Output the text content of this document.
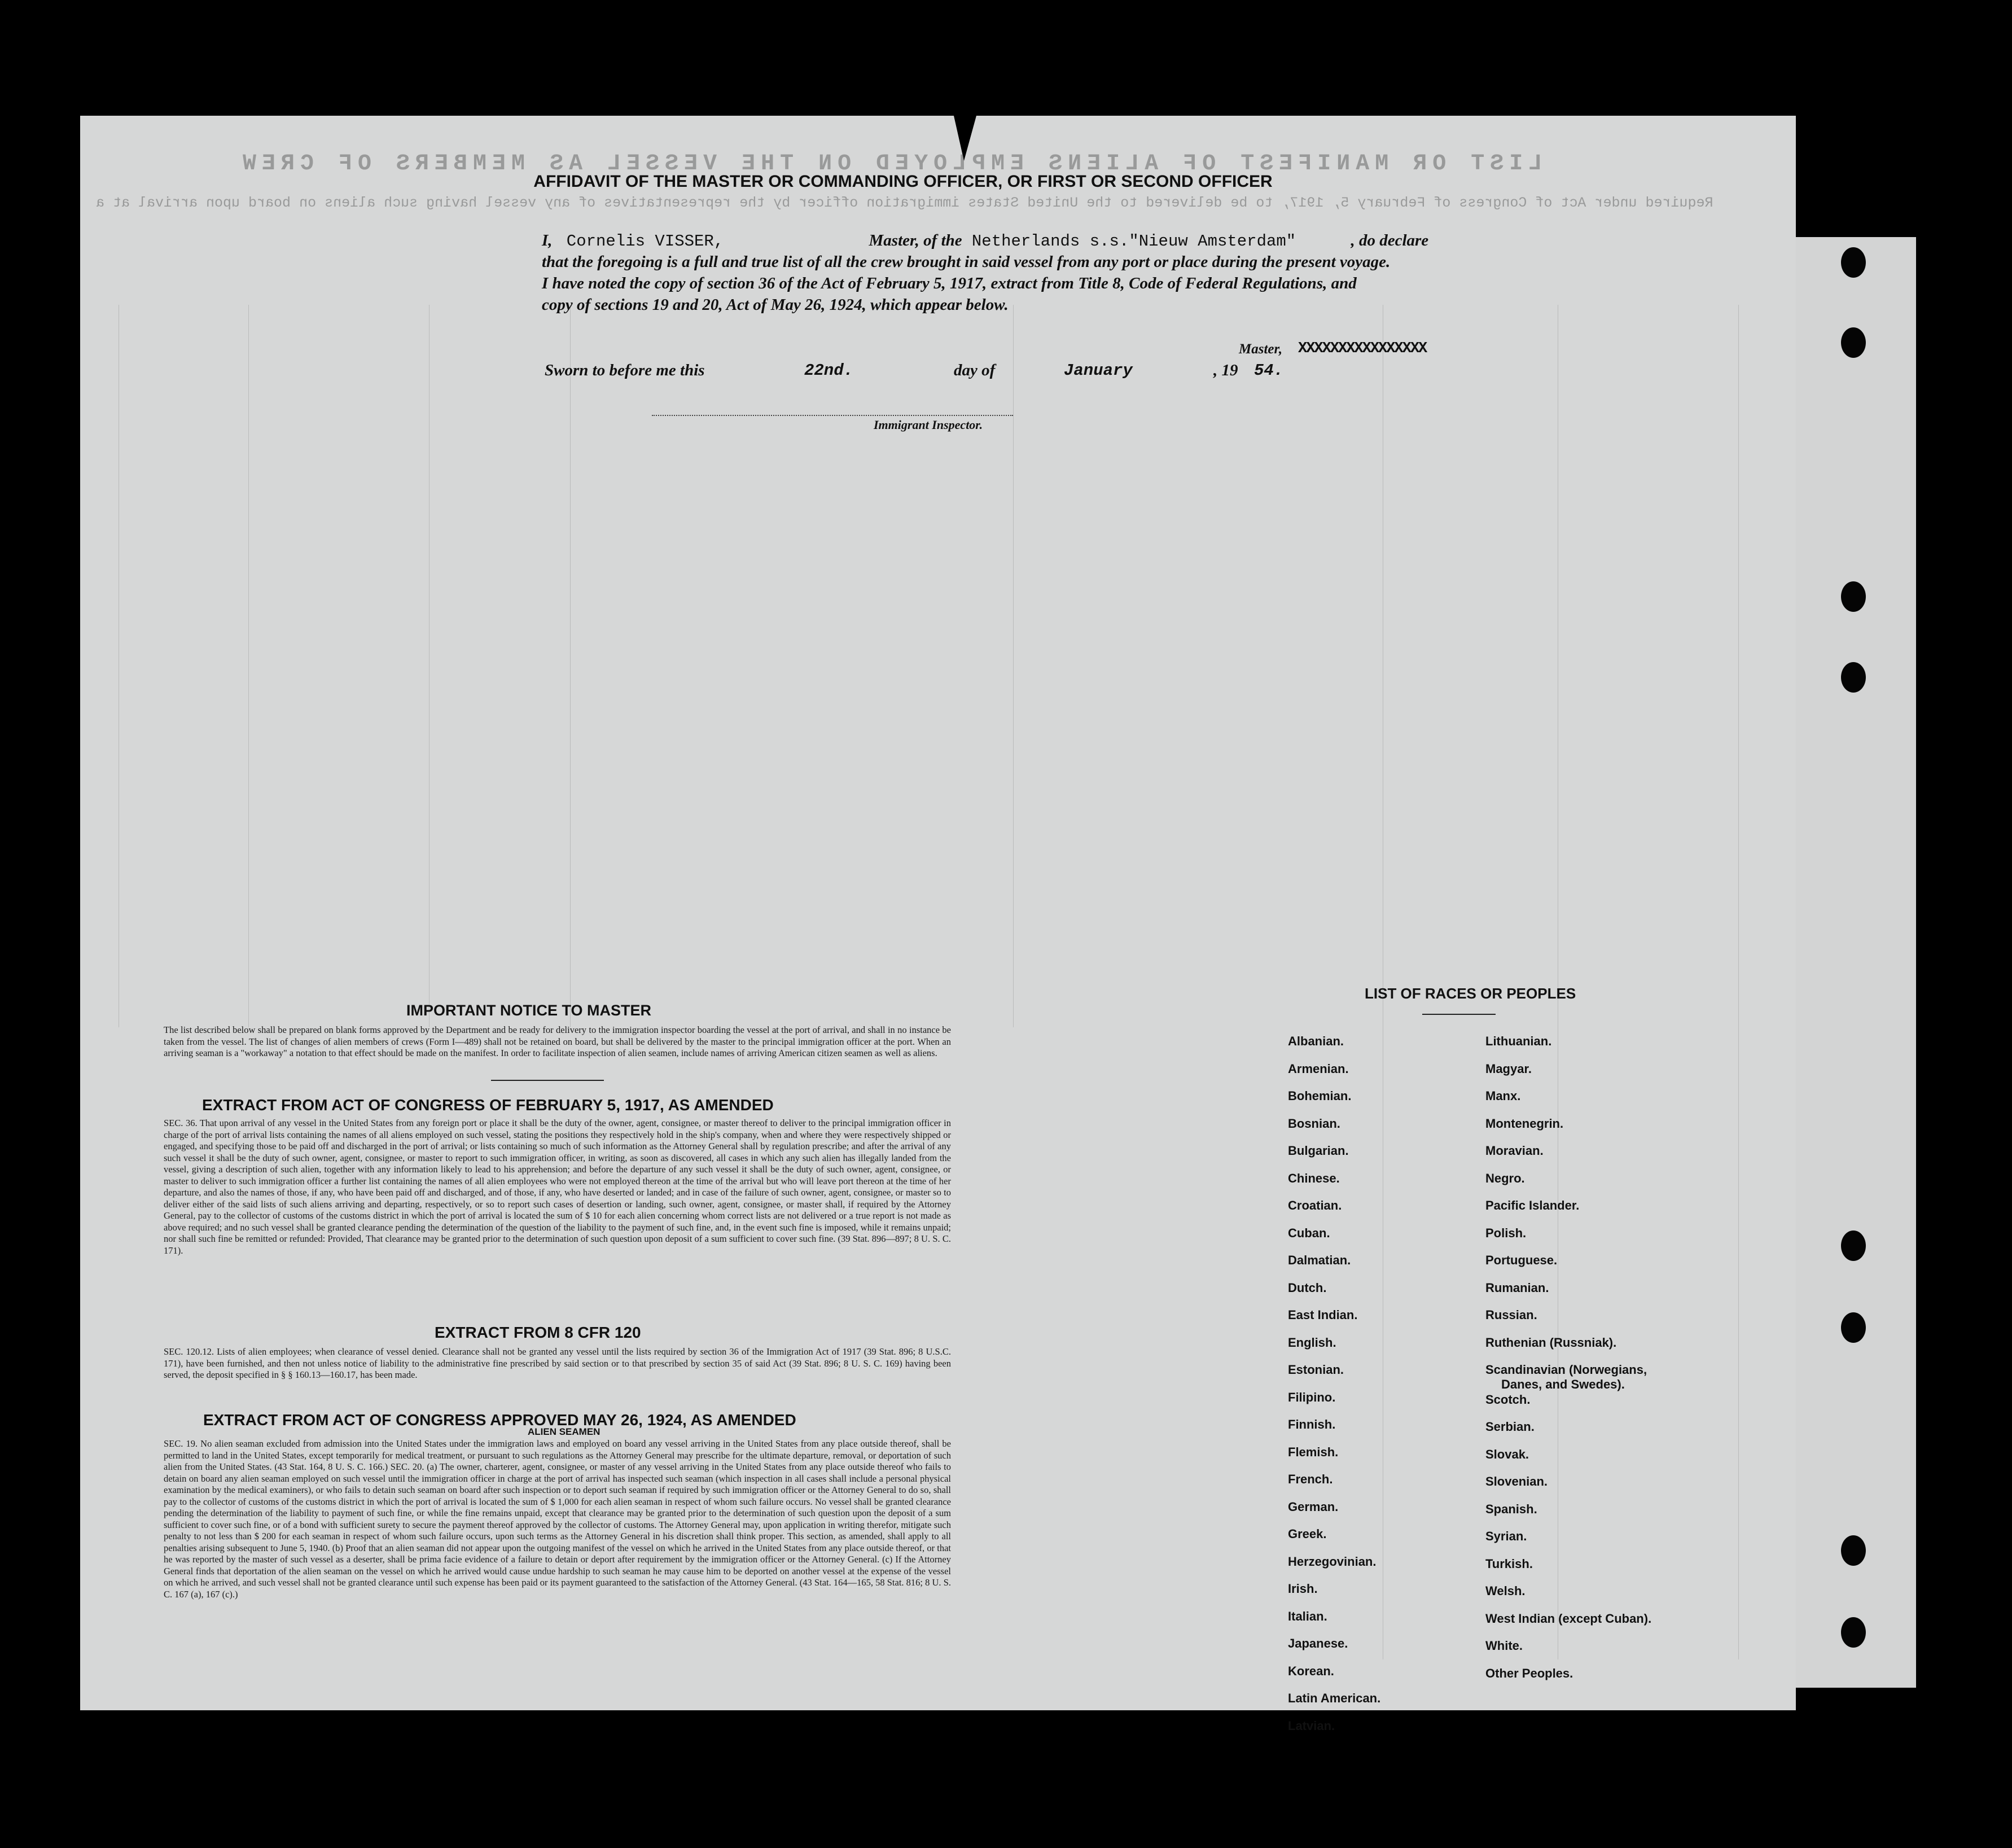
LIST OR MANIFEST OF ALIENS EMPLOYED ON THE VESSEL AS MEMBERS OF CREW
Required under Act of Congress of February 5, 1917, to be delivered to the United States immigration officer by the representatives of any vessel having such aliens on board upon arrival at a
AFFIDAVIT OF THE MASTER OR COMMANDING OFFICER, OR FIRST OR SECOND OFFICER
I, Cornelis VISSER,	Master, of the Netherlands s.s."Nieuw Amsterdam"	, do declare
that the foregoing is a full and true list of all the crew brought in said vessel from any port or place during the present voyage.
I have noted the copy of section 36 of the Act of February 5, 1917, extract from Title 8, Code of Federal Regulations, and
copy of sections 19 and 20, Act of May 26, 1924, which appear below.
Master, XXXXXXXXXXXXXXXX
Sworn to before me this	22nd.	day of	January	, 19 54.
Immigrant Inspector.
IMPORTANT NOTICE TO MASTER
The list described below shall be prepared on blank forms approved by the Department and be ready for delivery to the immigration inspector boarding the vessel at the port of arrival, and shall in no instance be taken from the vessel. The list of changes of alien members of crews (Form I—489) shall not be retained on board, but shall be delivered by the master to the principal immigration officer at the port. When an arriving seaman is a "workaway" a notation to that effect should be made on the manifest. In order to facilitate inspection of alien seamen, include names of arriving American citizen seamen as well as aliens.
EXTRACT FROM ACT OF CONGRESS OF FEBRUARY 5, 1917, AS AMENDED
SEC. 36. That upon arrival of any vessel in the United States from any foreign port or place it shall be the duty of the owner, agent, consignee, or master thereof to deliver to the principal immigration officer in charge of the port of arrival lists containing the names of all aliens employed on such vessel, stating the positions they respectively hold in the ship's company, when and where they were respectively shipped or engaged, and specifying those to be paid off and discharged in the port of arrival; or lists containing so much of such information as the Attorney General shall by regulation prescribe; and after the arrival of any such vessel it shall be the duty of such owner, agent, consignee, or master to report to such immigration officer, in writing, as soon as discovered, all cases in which any such alien has illegally landed from the vessel, giving a description of such alien, together with any information likely to lead to his apprehension; and before the departure of any such vessel it shall be the duty of such owner, agent, consignee, or master to deliver to such immigration officer a further list containing the names of all alien employees who were not employed thereon at the time of the arrival but who will leave port thereon at the time of her departure, and also the names of those, if any, who have been paid off and discharged, and of those, if any, who have deserted or landed; and in case of the failure of such owner, agent, consignee, or master so to deliver either of the said lists of such aliens arriving and departing, respectively, or so to report such cases of desertion or landing, such owner, agent, consignee, or master shall, if required by the Attorney General, pay to the collector of customs of the customs district in which the port of arrival is located the sum of $ 10 for each alien concerning whom correct lists are not delivered or a true report is not made as above required; and no such vessel shall be granted clearance pending the determination of the question of the liability to the payment of such fine, and, in the event such fine is imposed, while it remains unpaid; nor shall such fine be remitted or refunded: Provided, That clearance may be granted prior to the determination of such question upon deposit of a sum sufficient to cover such fine. (39 Stat. 896—897; 8 U. S. C. 171).
EXTRACT FROM 8 CFR 120
SEC. 120.12. Lists of alien employees; when clearance of vessel denied. Clearance shall not be granted any vessel until the lists required by section 36 of the Immigration Act of 1917 (39 Stat. 896; 8 U.S.C. 171), have been furnished, and then not unless notice of liability to the administrative fine prescribed by said section or to that prescribed by section 35 of said Act (39 Stat. 896; 8 U. S. C. 169) having been served, the deposit specified in § § 160.13—160.17, has been made.
EXTRACT FROM ACT OF CONGRESS APPROVED MAY 26, 1924, AS AMENDED
ALIEN SEAMEN
SEC. 19. No alien seaman excluded from admission into the United States under the immigration laws and employed on board any vessel arriving in the United States from any place outside thereof, shall be permitted to land in the United States, except temporarily for medical treatment, or pursuant to such regulations as the Attorney General may prescribe for the ultimate departure, removal, or deportation of such alien from the United States. (43 Stat. 164, 8 U. S. C. 166.) SEC. 20. (a) The owner, charterer, agent, consignee, or master of any vessel arriving in the United States from any place outside thereof who fails to detain on board any alien seaman employed on such vessel until the immigration officer in charge at the port of arrival has inspected such seaman (which inspection in all cases shall include a personal physical examination by the medical examiners), or who fails to detain such seaman on board after such inspection or to deport such seaman if required by such immigration officer or the Attorney General to do so, shall pay to the collector of customs of the customs district in which the port of arrival is located the sum of $ 1,000 for each alien seaman in respect of whom such failure occurs. No vessel shall be granted clearance pending the determination of the liability to payment of such fine, or while the fine remains unpaid, except that clearance may be granted prior to the determination of such question upon the deposit of a sum sufficient to cover such fine, or of a bond with sufficient surety to secure the payment thereof approved by the collector of customs. The Attorney General may, upon application in writing therefor, mitigate such penalty to not less than $ 200 for each seaman in respect of whom such failure occurs, upon such terms as the Attorney General in his discretion shall think proper. This section, as amended, shall apply to all penalties arising subsequent to June 5, 1940. (b) Proof that an alien seaman did not appear upon the outgoing manifest of the vessel on which he arrived in the United States from any place outside thereof, or that he was reported by the master of such vessel as a deserter, shall be prima facie evidence of a failure to detain or deport after requirement by the immigration officer or the Attorney General. (c) If the Attorney General finds that deportation of the alien seaman on the vessel on which he arrived would cause undue hardship to such seaman he may cause him to be deported on another vessel at the expense of the vessel on which he arrived, and such vessel shall not be granted clearance until such expense has been paid or its payment guaranteed to the satisfaction of the Attorney General. (43 Stat. 164—165, 58 Stat. 816; 8 U. S. C. 167 (a), 167 (c).)
LIST OF RACES OR PEOPLES
Albanian.
Armenian.
Bohemian.
Bosnian.
Bulgarian.
Chinese.
Croatian.
Cuban.
Dalmatian.
Dutch.
East Indian.
English.
Estonian.
Filipino.
Finnish.
Flemish.
French.
German.
Greek.
Herzegovinian.
Irish.
Italian.
Japanese.
Korean.
Latin American.
Latvian.
Lithuanian.
Magyar.
Manx.
Montenegrin.
Moravian.
Negro.
Pacific Islander.
Polish.
Portuguese.
Rumanian.
Russian.
Ruthenian (Russniak).
Scandinavian (Norwegians,
Danes, and Swedes).
Scotch.
Serbian.
Slovak.
Slovenian.
Spanish.
Syrian.
Turkish.
Welsh.
West Indian (except Cuban).
White.
Other Peoples.
